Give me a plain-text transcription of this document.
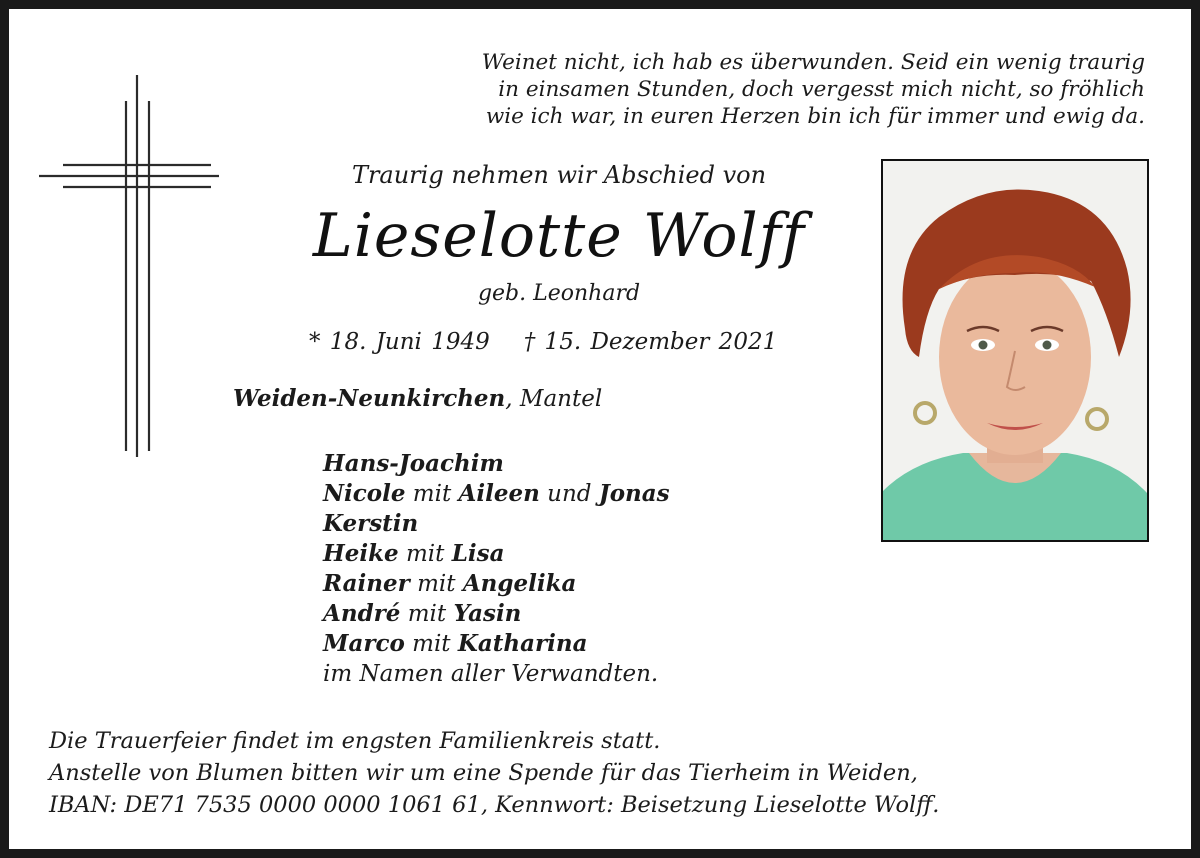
Weinet nicht, ich hab es überwunden. Seid ein wenig traurig
in einsamen Stunden, doch vergesst mich nicht, so fröhlich
wie ich war, in euren Herzen bin ich für immer und ewig da.
Traurig nehmen wir Abschied von
Lieselotte Wolff
geb. Leonhard
* 18. Juni 1949 † 15. Dezember 2021
Weiden-Neunkirchen, Mantel
Hans-Joachim
Nicole mit Aileen und Jonas
Kerstin
Heike mit Lisa
Rainer mit Angelika
André mit Yasin
Marco mit Katharina
im Namen aller Verwandten.
Die Trauerfeier findet im engsten Familienkreis statt.
Anstelle von Blumen bitten wir um eine Spende für das Tierheim in Weiden,
IBAN: DE71 7535 0000 0000 1061 61, Kennwort: Beisetzung Lieselotte Wolff.
